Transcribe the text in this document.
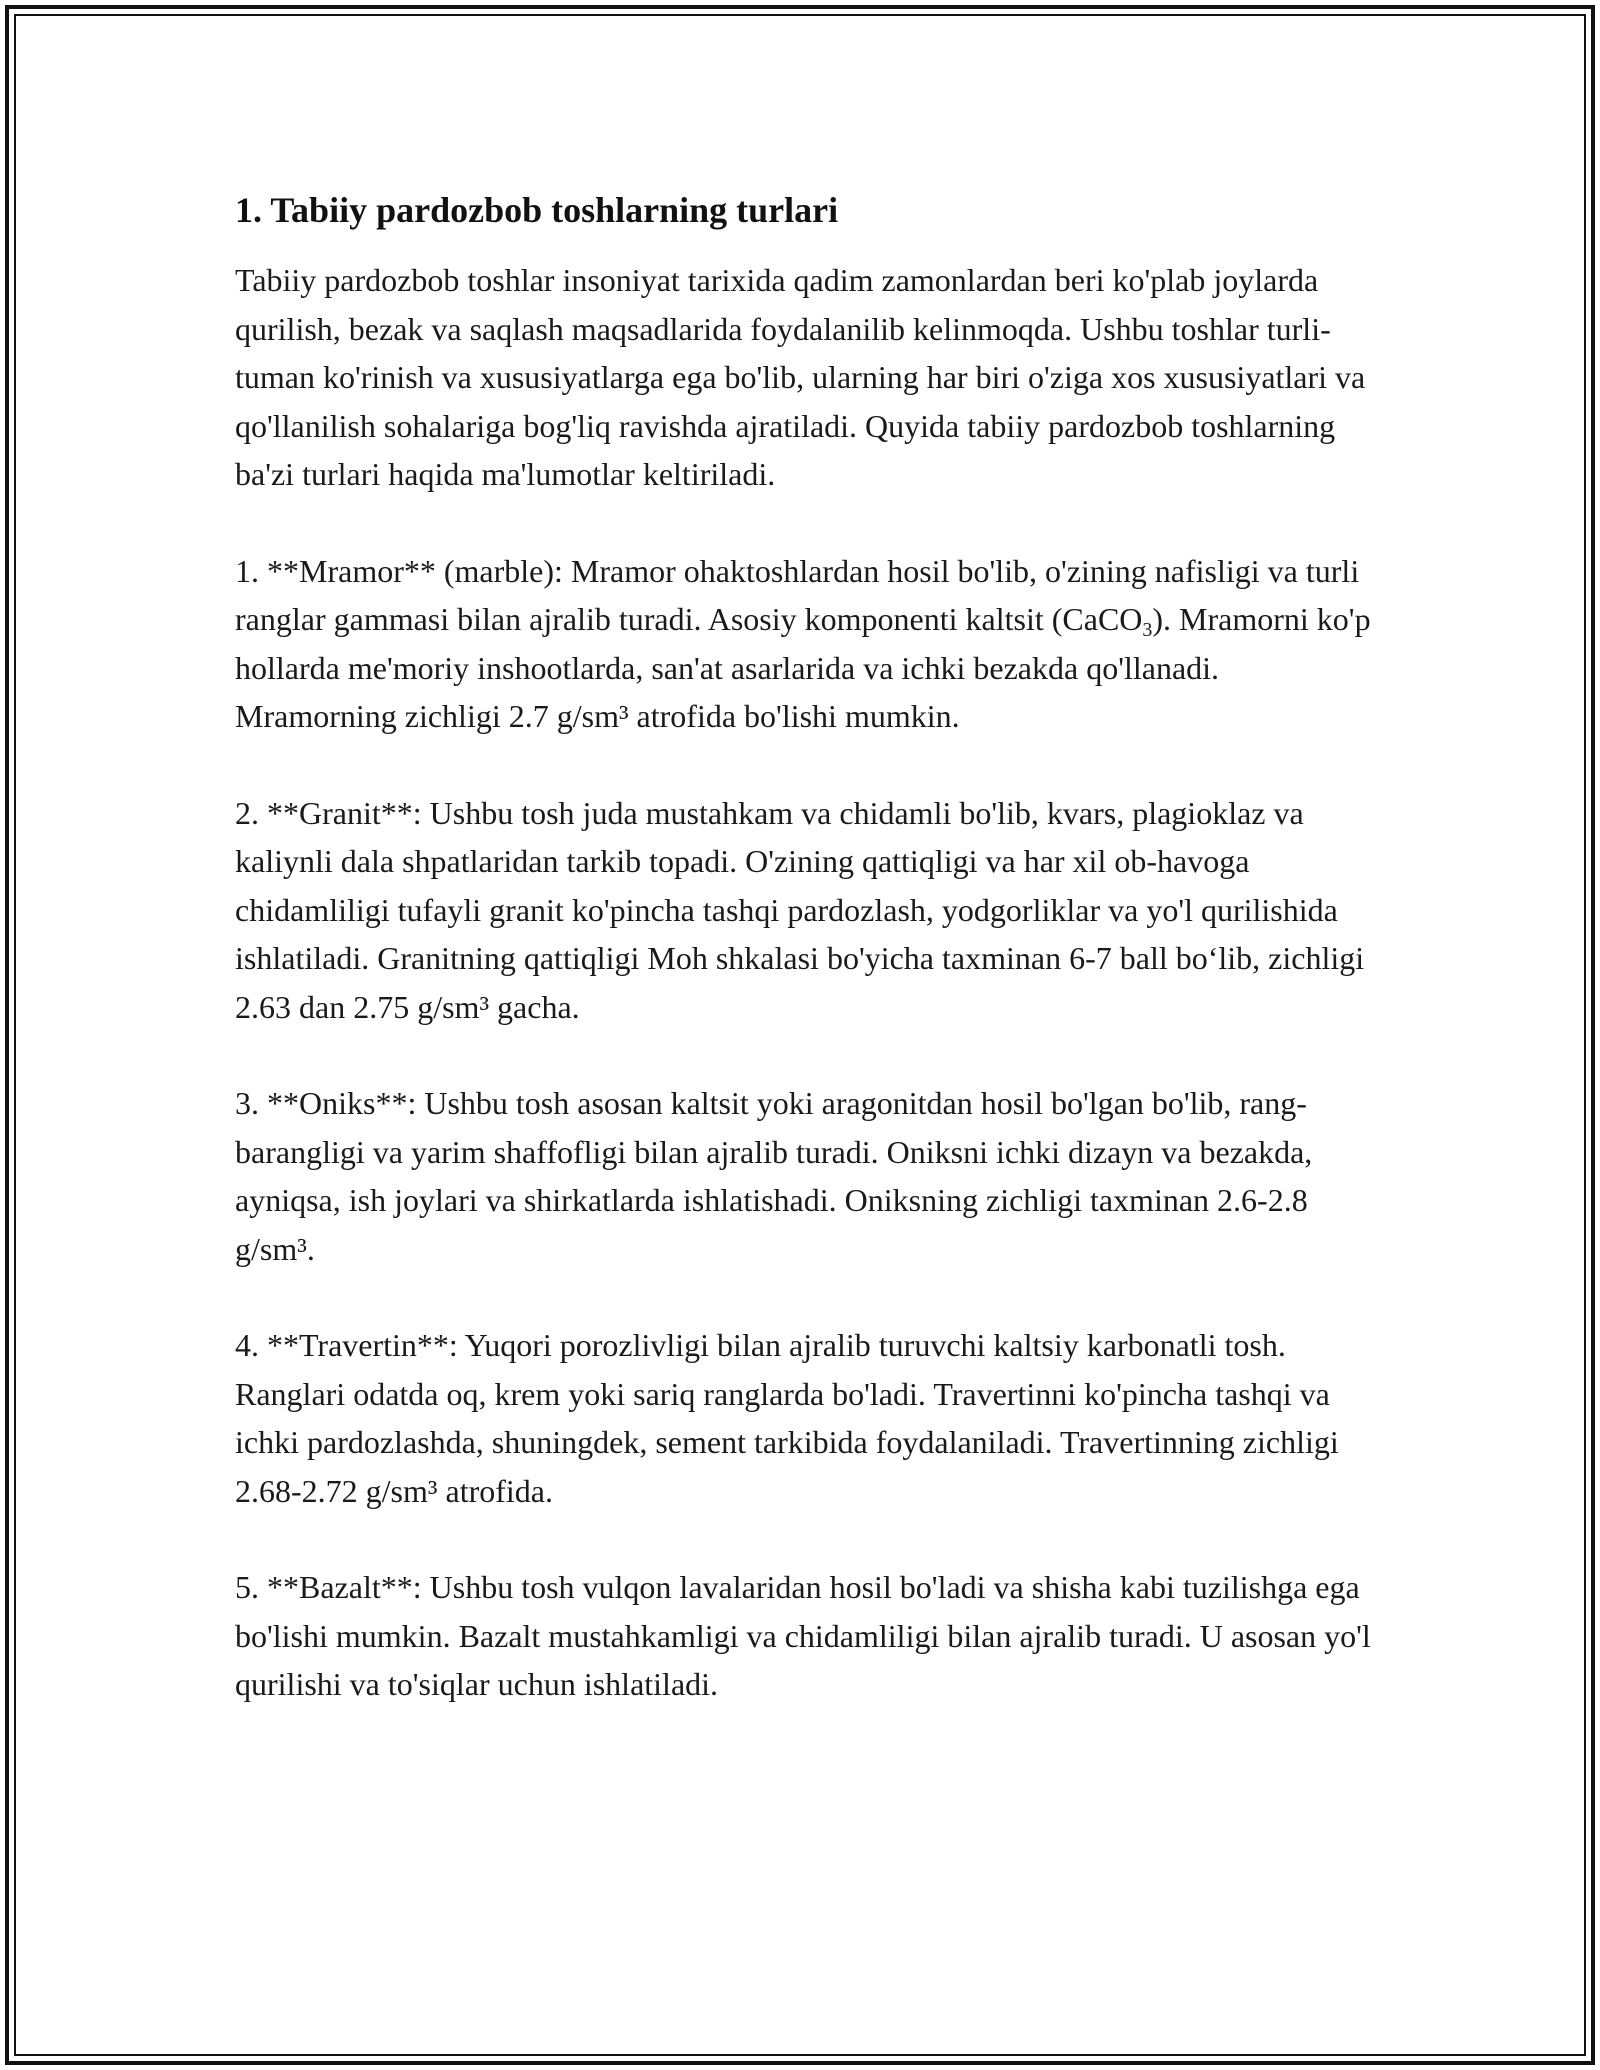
1. Tabiiy pardozbob toshlarning turlari

Tabiiy pardozbob toshlar insoniyat tarixida qadim zamonlardan beri ko'plab joylarda qurilish, bezak va saqlash maqsadlarida foydalanilib kelinmoqda. Ushbu toshlar turli-tuman ko'rinish va xususiyatlarga ega bo'lib, ularning har biri o'ziga xos xususiyatlari va qo'llanilish sohalariga bog'liq ravishda ajratiladi. Quyida tabiiy pardozbob toshlarning ba'zi turlari haqida ma'lumotlar keltiriladi.

1. **Mramor** (marble): Mramor ohaktoshlardan hosil bo'lib, o'zining nafisligi va turli ranglar gammasi bilan ajralib turadi. Asosiy komponenti kaltsit (CaCO$_3$). Mramorni ko'p hollarda me'moriy inshootlarda, san'at asarlarida va ichki bezakda qo'llanadi. Mramorning zichligi 2.7 g/sm³ atrofida bo'lishi mumkin.

2. **Granit**: Ushbu tosh juda mustahkam va chidamli bo'lib, kvars, plagioklaz va kaliynli dala shpatlaridan tarkib topadi. O'zining qattiqligi va har xil ob-havoga chidamliligi tufayli granit ko'pincha tashqi pardozlash, yodgorliklar va yo'l qurilishida ishlatiladi. Granitning qattiqligi Moh shkalasi bo'yicha taxminan 6-7 ball bo‘lib, zichligi 2.63 dan 2.75 g/sm³ gacha.

3. **Oniks**: Ushbu tosh asosan kaltsit yoki aragonitdan hosil bo'lgan bo'lib, rang-barangligi va yarim shaffofligi bilan ajralib turadi. Oniksni ichki dizayn va bezakda, ayniqsa, ish joylari va shirkatlarda ishlatishadi. Oniksning zichligi taxminan 2.6-2.8 g/sm³.

4. **Travertin**: Yuqori porozlivligi bilan ajralib turuvchi kaltsiy karbonatli tosh. Ranglari odatda oq, krem yoki sariq ranglarda bo'ladi. Travertinni ko'pincha tashqi va ichki pardozlashda, shuningdek, sement tarkibida foydalaniladi. Travertinning zichligi 2.68-2.72 g/sm³ atrofida.

5. **Bazalt**: Ushbu tosh vulqon lavalaridan hosil bo'ladi va shisha kabi tuzilishga ega bo'lishi mumkin. Bazalt mustahkamligi va chidamliligi bilan ajralib turadi. U asosan yo'l qurilishi va to'siqlar uchun ishlatiladi.
